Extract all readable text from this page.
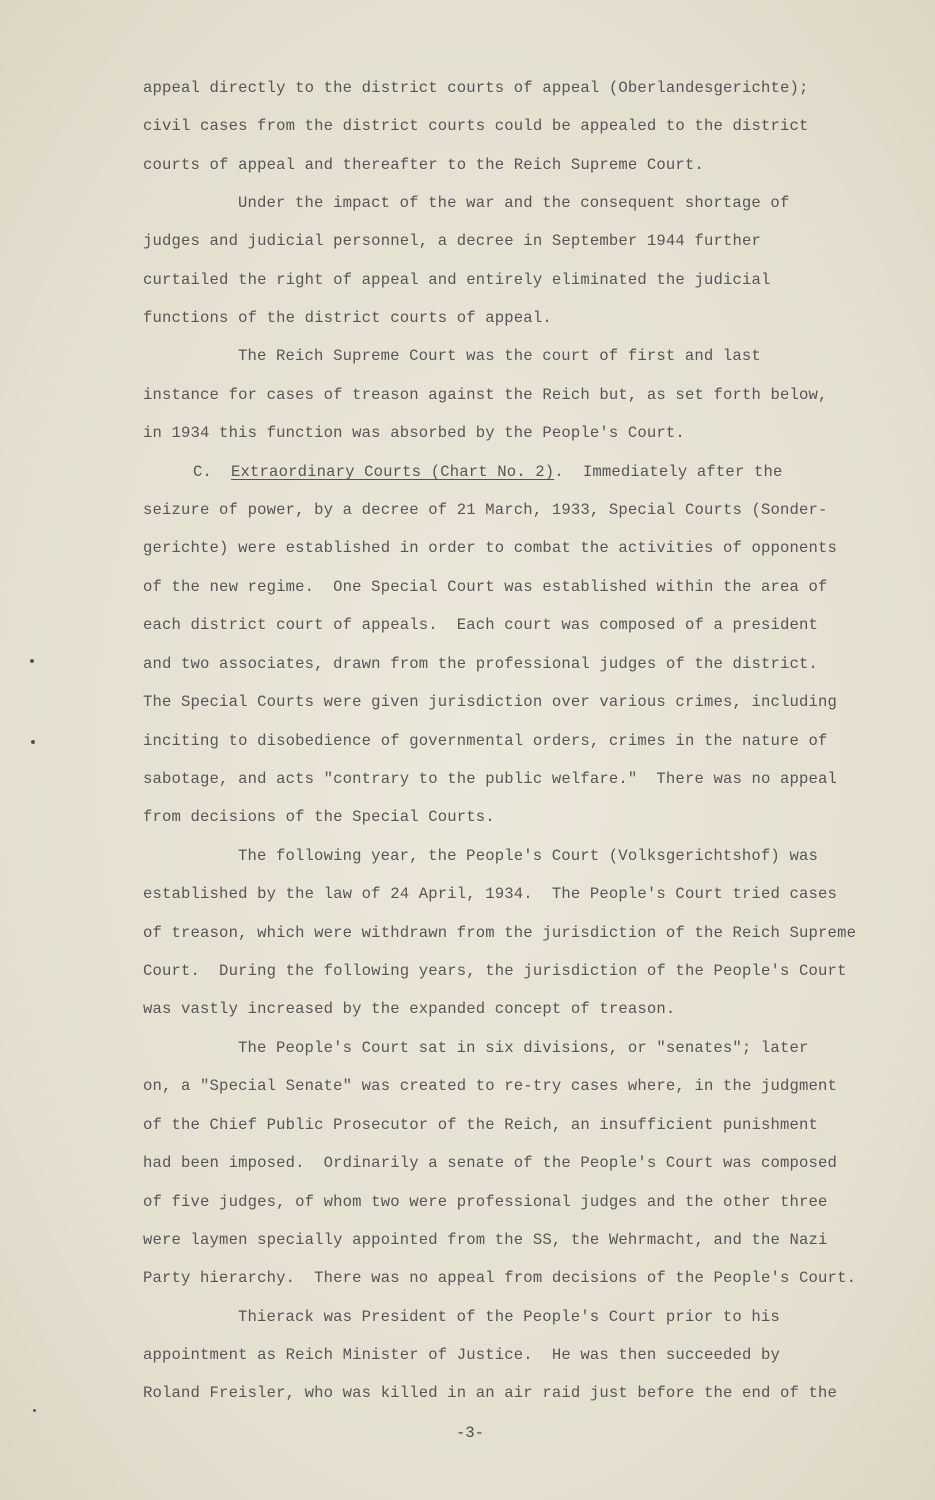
appeal directly to the district courts of appeal (Oberlandesgerichte);
civil cases from the district courts could be appealed to the district
courts of appeal and thereafter to the Reich Supreme Court.
Under the impact of the war and the consequent shortage of
judges and judicial personnel, a decree in September 1944 further
curtailed the right of appeal and entirely eliminated the judicial
functions of the district courts of appeal.
The Reich Supreme Court was the court of first and last
instance for cases of treason against the Reich but, as set forth below,
in 1934 this function was absorbed by the People's Court.
C.  Extraordinary Courts (Chart No. 2).  Immediately after the
seizure of power, by a decree of 21 March, 1933, Special Courts (Sonder-
gerichte) were established in order to combat the activities of opponents
of the new regime.  One Special Court was established within the area of
each district court of appeals.  Each court was composed of a president
and two associates, drawn from the professional judges of the district.
The Special Courts were given jurisdiction over various crimes, including
inciting to disobedience of governmental orders, crimes in the nature of
sabotage, and acts "contrary to the public welfare."  There was no appeal
from decisions of the Special Courts.
The following year, the People's Court (Volksgerichtshof) was
established by the law of 24 April, 1934.  The People's Court tried cases
of treason, which were withdrawn from the jurisdiction of the Reich Supreme
Court.  During the following years, the jurisdiction of the People's Court
was vastly increased by the expanded concept of treason.
The People's Court sat in six divisions, or "senates"; later
on, a "Special Senate" was created to re-try cases where, in the judgment
of the Chief Public Prosecutor of the Reich, an insufficient punishment
had been imposed.  Ordinarily a senate of the People's Court was composed
of five judges, of whom two were professional judges and the other three
were laymen specially appointed from the SS, the Wehrmacht, and the Nazi
Party hierarchy.  There was no appeal from decisions of the People's Court.
Thierack was President of the People's Court prior to his
appointment as Reich Minister of Justice.  He was then succeeded by
Roland Freisler, who was killed in an air raid just before the end of the
-3-
